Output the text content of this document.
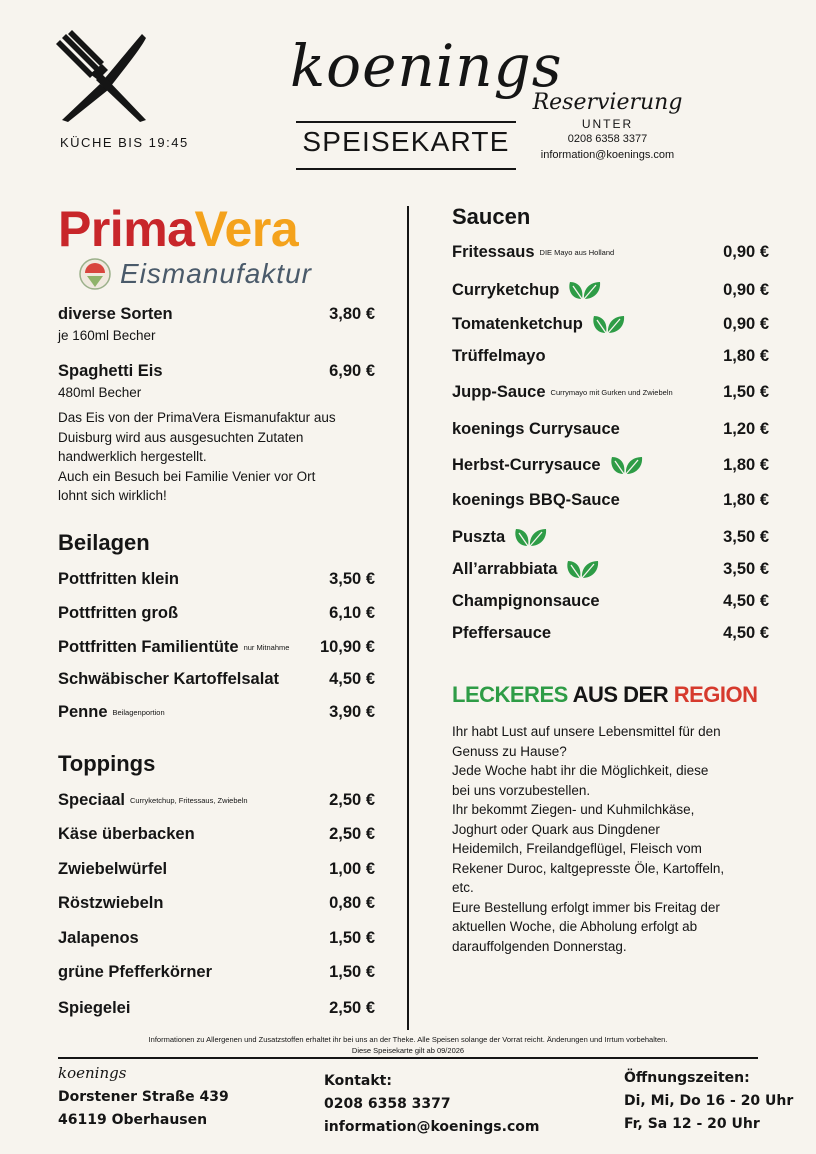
KÜCHE BIS 19:45
koenings
SPEISEKARTE
Reservierung
UNTER
0208 6358 3377
information@koenings.com
PrimaVera
Eismanufaktur
diverse Sorten	3,80 €
je 160ml Becher
Spaghetti Eis	6,90 €
480ml Becher
Das Eis von der PrimaVera Eismanufaktur aus
Duisburg wird aus ausgesuchten Zutaten
handwerklich hergestellt.
Auch ein Besuch bei Familie Venier vor Ort
lohnt sich wirklich!
Beilagen
Pottfritten klein	3,50 €
Pottfritten groß	6,10 €
Pottfritten Familientüte nur Mitnahme 10,90 €
Schwäbischer Kartoffelsalat	4,50 €
Penne Beilagenportion	3,90 €
Toppings
Speciaal Curryketchup, Fritessaus, Zwiebeln	2,50 €
Käse überbacken	2,50 €
Zwiebelwürfel	1,00 €
Röstzwiebeln	0,80 €
Jalapenos	1,50 €
grüne Pfefferkörner	1,50 €
Spiegelei	2,50 €
Saucen
Fritessaus DIE Mayo aus Holland	0,90 €
Curryketchup	0,90 €
Tomatenketchup	0,90 €
Trüffelmayo	1,80 €
Jupp-Sauce Currymayo mit Gurken und Zwiebeln	1,50 €
koenings Currysauce	1,20 €
Herbst-Currysauce	1,80 €
koenings BBQ-Sauce	1,80 €
Puszta	3,50 €
All’arrabbiata	3,50 €
Champignonsauce	4,50 €
Pfeffersauce	4,50 €
LECKERES AUS DER REGION
Ihr habt Lust auf unsere Lebensmittel für den
Genuss zu Hause?
Jede Woche habt ihr die Möglichkeit, diese
bei uns vorzubestellen.
Ihr bekommt Ziegen- und Kuhmilchkäse,
Joghurt oder Quark aus Dingdener
Heidemilch, Freilandgeflügel, Fleisch vom
Rekener Duroc, kaltgepresste Öle, Kartoffeln,
etc.
Eure Bestellung erfolgt immer bis Freitag der
aktuellen Woche, die Abholung erfolgt ab
darauffolgenden Donnerstag.
Informationen zu Allergenen und Zusatzstoffen erhaltet ihr bei uns an der Theke. Alle Speisen solange der Vorrat reicht. Änderungen und Irrtum vorbehalten.
Diese Speisekarte gilt ab 09/2026
koenings
Dorstener Straße 439
46119 Oberhausen
Kontakt:
0208 6358 3377
information@koenings.com
Öffnungszeiten:
Di, Mi, Do 16 - 20 Uhr
Fr, Sa 12 - 20 Uhr
